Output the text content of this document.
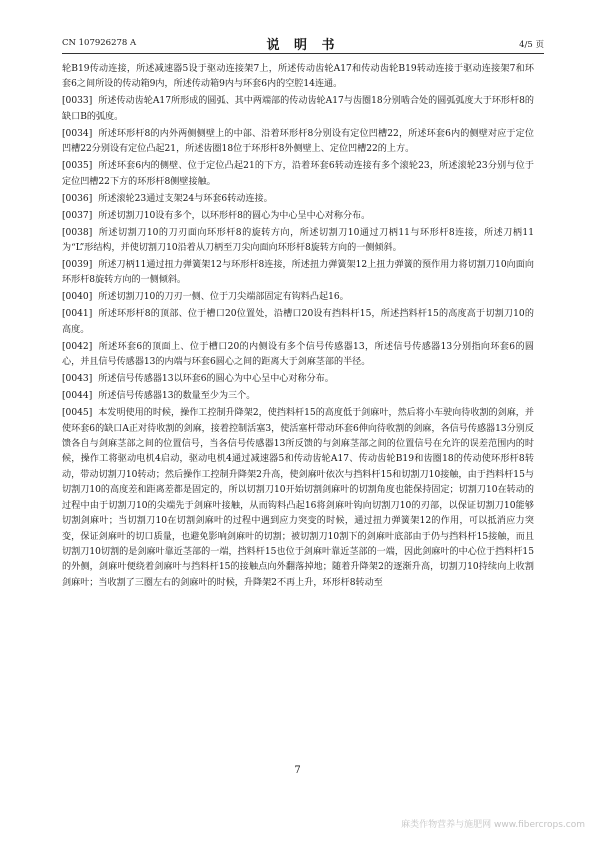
CN 107926278 A	说 明 书	4/5 页

轮B19传动连接，所述减速器5设于驱动连接架7上，所述传动齿轮A17和传动齿轮B19转动连接于驱动连接架7和环套6之间所设的传动箱9内，所述传动箱9内与环套6内的空腔14连通。

[0033] 所述传动齿轮A17所形成的圆弧、其中两端部的传动齿轮A17与齿圈18分别啮合处的圆弧弧度大于环形杆8的缺口B的弧度。

[0034] 所述环形杆8的内外两侧侧壁上的中部、沿着环形杆8分别设有定位凹槽22，所述环套6内的侧壁对应于定位凹槽22分别设有定位凸起21，所述齿圈18位于环形杆8外侧壁上、定位凹槽22的上方。

[0035] 所述环套6内的侧壁、位于定位凸起21的下方，沿着环套6转动连接有多个滚轮23，所述滚轮23分别与位于定位凹槽22下方的环形杆8侧壁接触。

[0036] 所述滚轮23通过支架24与环套6转动连接。

[0037] 所述切割刀10设有多个，以环形杆8的圆心为中心呈中心对称分布。

[0038] 所述切割刀10的刀刃面向环形杆8的旋转方向，所述切割刀10通过刀柄11与环形杆8连接，所述刀柄11为“L”形结构，并使切割刀10沿着从刀柄至刀尖向面向环形杆8旋转方向的一侧倾斜。

[0039] 所述刀柄11通过扭力弹簧架12与环形杆8连接，所述扭力弹簧架12上扭力弹簧的预作用力将切割刀10向面向环形杆8旋转方向的一侧倾斜。

[0040] 所述切割刀10的刀刃一侧、位于刀尖端部固定有钩料凸起16。

[0041] 所述环形杆8的顶部、位于槽口20位置处，沿槽口20设有挡料杆15，所述挡料杆15的高度高于切割刀10的高度。

[0042] 所述环套6的顶面上、位于槽口20的内侧设有多个信号传感器13，所述信号传感器13分别指向环套6的圆心，并且信号传感器13的内端与环套6圆心之间的距离大于剑麻茎部的半径。

[0043] 所述信号传感器13以环套6的圆心为中心呈中心对称分布。

[0044] 所述信号传感器13的数量至少为三个。

[0045] 本发明使用的时候，操作工控制升降架2，使挡料杆15的高度低于剑麻叶，然后将小车驶向待收割的剑麻，并使环套6的缺口A正对待收割的剑麻，接着控制活塞3，使活塞杆带动环套6伸向待收割的剑麻，各信号传感器13分别反馈各自与剑麻茎部之间的位置信号，当各信号传感器13所反馈的与剑麻茎部之间的位置信号在允许的误差范围内的时候，操作工将驱动电机4启动，驱动电机4通过减速器5和传动齿轮A17、传动齿轮B19和齿圈18的传动使环形杆8转动，带动切割刀10转动；然后操作工控制升降架2升高，使剑麻叶依次与挡料杆15和切割刀10接触，由于挡料杆15与切割刀10的高度差和距离差都是固定的，所以切割刀10开始切割剑麻叶的切割角度也能保持固定；切割刀10在转动的过程中由于切割刀10的尖端先于剑麻叶接触，从而钩料凸起16将剑麻叶钩向切割刀10的刃部，以保证切割刀10能够切割剑麻叶；当切割刀10在切割剑麻叶的过程中遇到应力突变的时候，通过扭力弹簧架12的作用，可以抵消应力突变，保证剑麻叶的切口质量，也避免影响剑麻叶的切割；被切割刀10割下的剑麻叶底部由于仍与挡料杆15接触，而且切割刀10切割的是剑麻叶靠近茎部的一端，挡料杆15也位于剑麻叶靠近茎部的一端，因此剑麻叶的中心位于挡料杆15的外侧，剑麻叶便绕着剑麻叶与挡料杆15的接触点向外翻落掉地；随着升降架2的逐渐升高，切割刀10持续向上收割剑麻叶；当收割了三圈左右的剑麻叶的时候，升降架2不再上升，环形杆8转动至

7
麻类作物营养与施肥网 www.fibercrops.com
